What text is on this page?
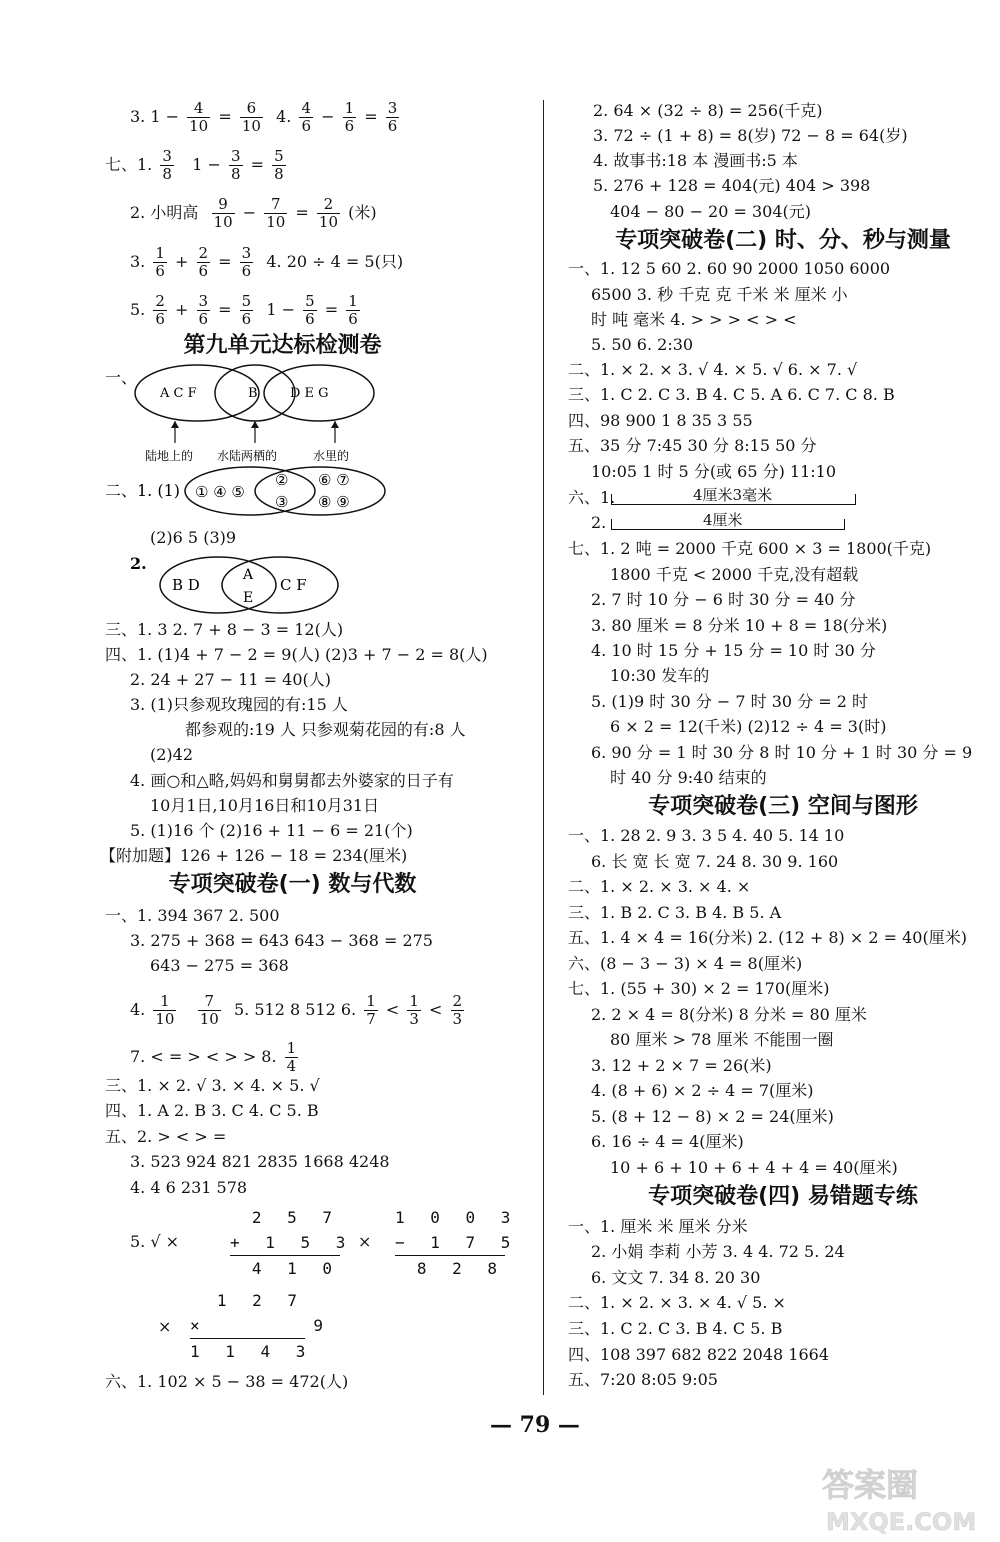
3. $1 - \frac{4}{10} = \frac{6}{10} 4$. $\frac{4}{6} - \frac{1}{6} = \frac{3}{6}$
七、1. $\frac{3}{8} 1 - \frac{3}{8} = \frac{5}{8}$
2. 小明高 $\frac{9}{10} - \frac{7}{10} = \frac{2}{10}$ (米)
3. $\frac{1}{6} + \frac{2}{6} = \frac{3}{6} 4$. 20 ÷ 4 = 5(只)
5. $\frac{2}{6} + \frac{3}{6} = \frac{5}{6} 1 - \frac{5}{6} = \frac{1}{6}$
第九单元达标检测卷
一、
A C F	B D E G
陆地上的 水陆两栖的	水里的
二、1. (1) ① ④ ⑤
②
③
⑥ ⑦
⑧ ⑨
(2)6 5 (3)9
2.
B D
A
E
C F
三、1. 3 2. 7 + 8 − 3 = 12(人)
四、1. (1)4 + 7 − 2 = 9(人) (2)3 + 7 − 2 = 8(人)
2. 24 + 27 − 11 = 40(人)
3. (1)只参观玫瑰园的有:15 人
都参观的:19 人 只参观菊花园的有:8 人
(2)42
4. 画○和△略,妈妈和舅舅都去外婆家的日子有
10月1日,10月16日和10月31日
5. (1)16 个 (2)16 + 11 − 6 = 21(个)
【附加题】126 + 126 − 18 = 234(厘米)
专项突破卷(一) 数与代数
一、1. 394 367 2. 500
3. 275 + 368 = 643 643 − 368 = 275
643 − 275 = 368
4. $\frac{1}{10}$
$\frac{7}{10} 5$. 512 8 512 6. $\frac{1}{7} < \frac{1}{3} < \frac{2}{3}$
7. < = > < > > 8. $\frac{1}{4}$
三、1. × 2. √ 3. × 4. × 5. √
四、1. A 2. B 3. C 4. C 5. B
五、2. > < > =
3. 523 924 821 2835 1668 4248
4. 4 6 231 578
5. √ ×
2 5 7
+ 1 5 3
4 1 0
×
1 0 0 3
− 1 7 5
8 2 8
×
1 2 7
×      9
1 1 4 3
六、1. 102 × 5 − 38 = 472(人)
2. 64 × (32 ÷ 8) = 256(千克)
3. 72 ÷ (1 + 8) = 8(岁) 72 − 8 = 64(岁)
4. 故事书:18 本 漫画书:5 本
5. 276 + 128 = 404(元) 404 > 398
404 − 80 − 20 = 304(元)
专项突破卷(二) 时、分、秒与测量
一、1. 12 5 60 2. 60 90 2000 1050 6000
6500 3. 秒 千克 克 千米 米 厘米 小
时 吨 毫米 4. > > > < > <
5. 50 6. 2:30
二、1. × 2. × 3. √ 4. × 5. √ 6. × 7. √
三、1. C 2. C 3. B 4. C 5. A 6. C 7. C 8. B
四、98 900 1 8 35 3 55
五、35 分 7:45 30 分 8:15 50 分
10:05 1 时 5 分(或 65 分) 11:10
六、1.	4厘米3毫米
2.	4厘米
七、1. 2 吨 = 2000 千克 600 × 3 = 1800(千克)
1800 千克 < 2000 千克,没有超载
2. 7 时 10 分 − 6 时 30 分 = 40 分
3. 80 厘米 = 8 分米 10 + 8 = 18(分米)
4. 10 时 15 分 + 15 分 = 10 时 30 分
10:30 发车的
5. (1)9 时 30 分 − 7 时 30 分 = 2 时
6 × 2 = 12(千米) (2)12 ÷ 4 = 3(时)
6. 90 分 = 1 时 30 分 8 时 10 分 + 1 时 30 分 = 9
时 40 分 9:40 结束的
专项突破卷(三) 空间与图形
一、1. 28 2. 9 3. 3 5 4. 40 5. 14 10
6. 长 宽 长 宽 7. 24 8. 30 9. 160
二、1. × 2. × 3. × 4. ×
三、1. B 2. C 3. B 4. B 5. A
五、1. 4 × 4 = 16(分米) 2. (12 + 8) × 2 = 40(厘米)
六、(8 − 3 − 3) × 4 = 8(厘米)
七、1. (55 + 30) × 2 = 170(厘米)
2. 2 × 4 = 8(分米) 8 分米 = 80 厘米
80 厘米 > 78 厘米 不能围一圈
3. 12 + 2 × 7 = 26(米)
4. (8 + 6) × 2 ÷ 4 = 7(厘米)
5. (8 + 12 − 8) × 2 = 24(厘米)
6. 16 ÷ 4 = 4(厘米)
10 + 6 + 10 + 6 + 4 + 4 = 40(厘米)
专项突破卷(四) 易错题专练
一、1. 厘米 米 厘米 分米
2. 小娟 李莉 小芳 3. 4 4. 72 5. 24
6. 文文 7. 34 8. 20 30
二、1. × 2. × 3. × 4. √ 5. ×
三、1. C 2. C 3. B 4. C 5. B
四、108 397 682 822 2048 1664
五、7:20 8:05 9:05
— 79 —
答案圈
MXQE.COM
